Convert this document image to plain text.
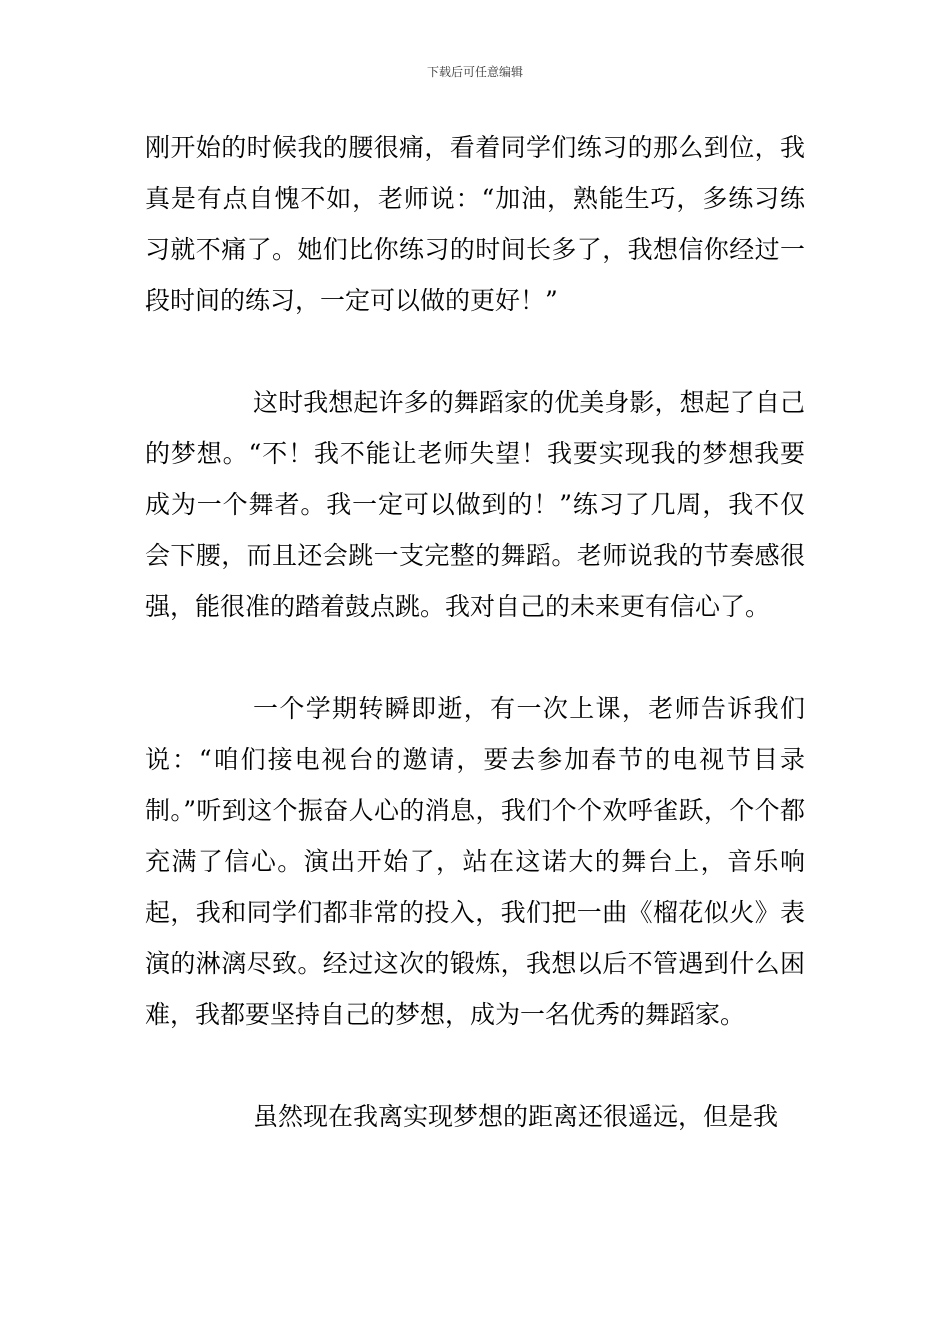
下载后可任意编辑

刚开始的时候我的腰很痛，看着同学们练习的那么到位，我真是有点自愧不如，老师说：“加油，熟能生巧，多练习练习就不痛了。她们比你练习的时间长多了，我想信你经过一段时间的练习，一定可以做的更好！”

这时我想起许多的舞蹈家的优美身影，想起了自己的梦想。“不！我不能让老师失望！我要实现我的梦想我要成为一个舞者。我一定可以做到的！”练习了几周，我不仅会下腰，而且还会跳一支完整的舞蹈。老师说我的节奏感很强，能很准的踏着鼓点跳。我对自己的未来更有信心了。

一个学期转瞬即逝，有一次上课，老师告诉我们说：“咱们接电视台的邀请，要去参加春节的电视节目录制。”听到这个振奋人心的消息，我们个个欢呼雀跃，个个都充满了信心。演出开始了，站在这诺大的舞台上，音乐响起，我和同学们都非常的投入，我们把一曲《榴花似火》表演的淋漓尽致。经过这次的锻炼，我想以后不管遇到什么困难，我都要坚持自己的梦想，成为一名优秀的舞蹈家。

虽然现在我离实现梦想的距离还很遥远，但是我
